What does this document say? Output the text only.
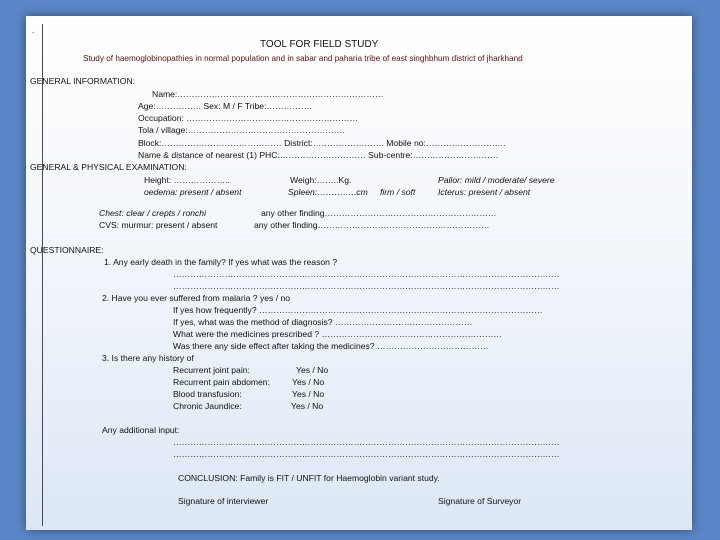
.
TOOL FOR FIELD STUDY
Study of haemoglobinopathies in normal population and in sabar and paharia tribe of east singhbhum district of jharkhand
GENERAL INFORMATION:
Name:………………………………………………………………
Age:……………. Sex: M / F Tribe:…………….
Occupation: ……………………………………………………
Tola / village:……………………………………………….
Block:…………………………………… District:……………………. Mobile no:……………………….
Name & distance of nearest (1) PHC:………………………… Sub-centre:…………………………
GENERAL & PHYSICAL EXAMINATION:
Height: ………………..	Weigh:……..Kg.	Pallor: mild / moderate/ severe
oedema: present / absent	Spleen:…………..cm firm / soft	Icterus: present / absent
Chest: clear / crepts / ronchi	any other finding……………………………………………………
CVS: murmur: present / absent	any other finding……………………………………………………
QUESTIONNAIRE:
1. Any early death in the family? If yes what was the reason ?
………………………………………………………………………………………………………………………
………………………………………………………………………………………………………………………
2. Have you ever suffered from malaria ? yes / no
If yes how frequently? ………………………………………………………………………………………
If yes, what was the method of diagnosis? …………………………………………
What were the medicines prescribed ? ………………………………………………………
Was there any side effect after taking the medicines? …………………………………
3. Is there any history of
Recurrent joint pain:	Yes / No
Recurrent pain abdomen:	Yes / No
Blood transfusion:	Yes / No
Chronic Jaundice:	Yes / No
Any additional input:
………………………………………………………………………………………………………………………
………………………………………………………………………………………………………………………
CONCLUSION: Family is FIT / UNFIT for Haemoglobin variant study.
Signature of interviewer	Signature of Surveyor
